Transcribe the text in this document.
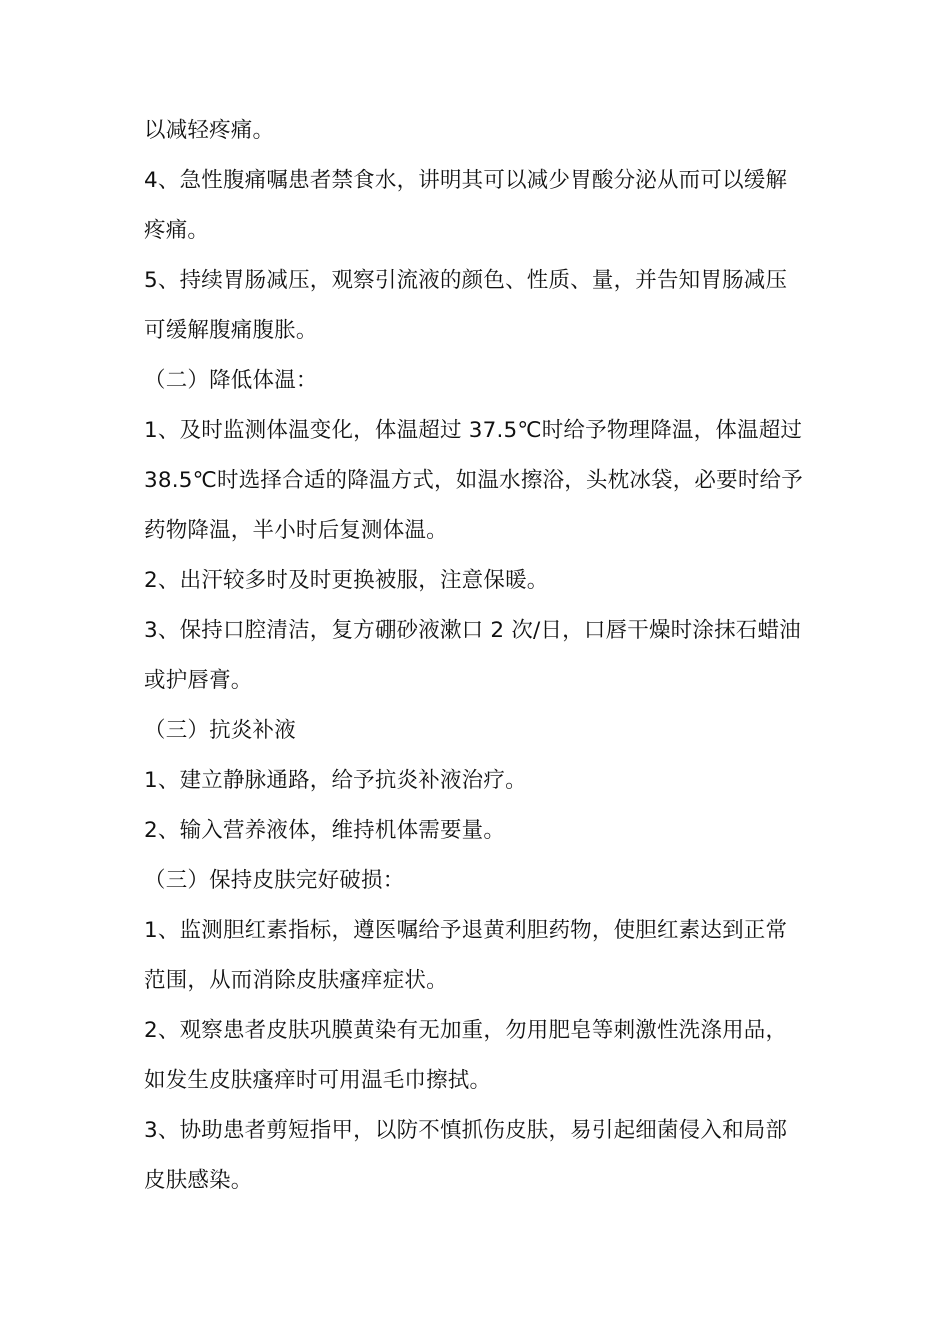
以减轻疼痛。
4、急性腹痛嘱患者禁食水，讲明其可以减少胃酸分泌从而可以缓解
疼痛。
5、持续胃肠减压，观察引流液的颜色、性质、量，并告知胃肠减压
可缓解腹痛腹胀。
（二）降低体温：
1、及时监测体温变化，体温超过 37.5℃时给予物理降温，体温超过
38.5℃时选择合适的降温方式，如温水擦浴，头枕冰袋，必要时给予
药物降温，半小时后复测体温。
2、出汗较多时及时更换被服，注意保暖。
3、保持口腔清洁，复方硼砂液漱口 2 次/日，口唇干燥时涂抹石蜡油
或护唇膏。
（三）抗炎补液
1、建立静脉通路，给予抗炎补液治疗。
2、输入营养液体，维持机体需要量。
（三）保持皮肤完好破损：
1、监测胆红素指标，遵医嘱给予退黄利胆药物，使胆红素达到正常
范围，从而消除皮肤瘙痒症状。
2、观察患者皮肤巩膜黄染有无加重，勿用肥皂等刺激性洗涤用品，
如发生皮肤瘙痒时可用温毛巾擦拭。
3、协助患者剪短指甲，以防不慎抓伤皮肤，易引起细菌侵入和局部
皮肤感染。
